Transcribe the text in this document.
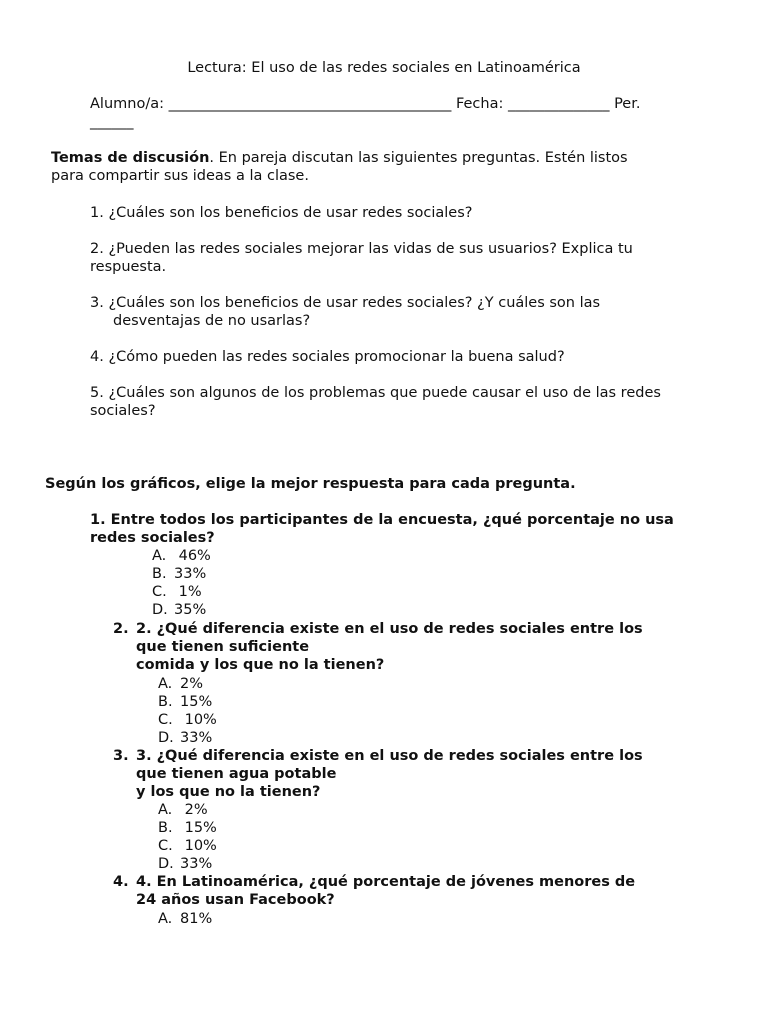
Lectura: El uso de las redes sociales en Latinoamérica
Alumno/a: _______________________________________ Fecha: ______________ Per.
______
Temas de discusión. En pareja discutan las siguientes preguntas. Estén listos para compartir sus ideas a la clase.
1. ¿Cuáles son los beneficios de usar redes sociales?
2. ¿Pueden las redes sociales mejorar las vidas de sus usuarios? Explica tu respuesta.
3. ¿Cuáles son los beneficios de usar redes sociales? ¿Y cuáles son las
desventajas de no usarlas?
4. ¿Cómo pueden las redes sociales promocionar la buena salud?
5. ¿Cuáles son algunos de los problemas que puede causar el uso de las redes sociales?
Según los gráficos, elige la mejor respuesta para cada pregunta.
1. Entre todos los participantes de la encuesta, ¿qué porcentaje no usa redes sociales?
A. 46%
B. 33%
C. 1%
D. 35%
2. 2. ¿Qué diferencia existe en el uso de redes sociales entre los
que tienen suficiente
comida y los que no la tienen?
A. 2%
B. 15%
C. 10%
D. 33%
3. 3. ¿Qué diferencia existe en el uso de redes sociales entre los
que tienen agua potable
y los que no la tienen?
A. 2%
B. 15%
C. 10%
D. 33%
4. 4. En Latinoamérica, ¿qué porcentaje de jóvenes menores de
24 años usan Facebook?
A. 81%
